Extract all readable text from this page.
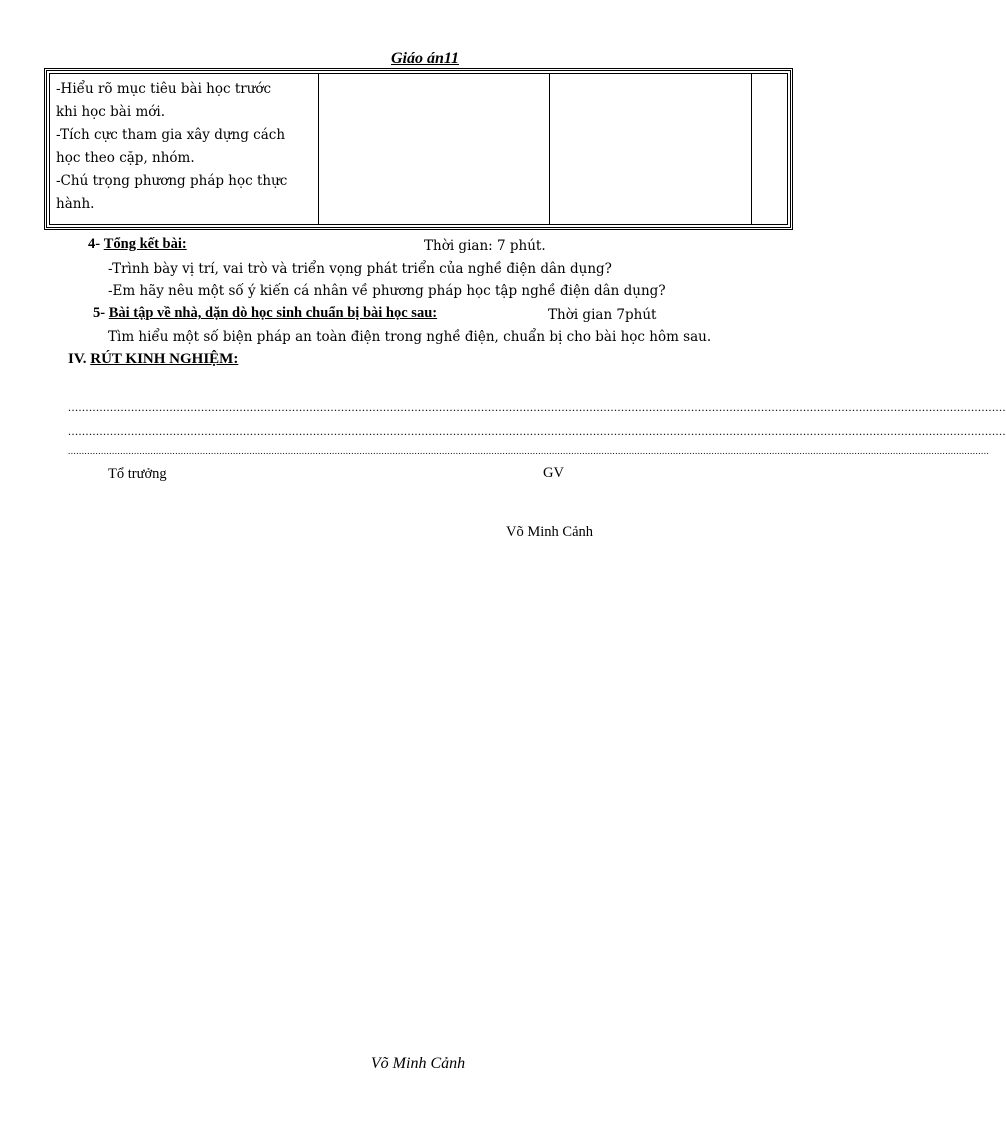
Giáo án11
-Hiểu rõ mục tiêu bài học trước
khi học bài mới.
-Tích cực tham gia xây dựng cách
học theo cặp, nhóm.
-Chú trọng phương pháp học thực
hành.
4- Tổng kết bài:	Thời gian: 7 phút.
-Trình bày vị trí, vai trò và triển vọng phát triển của nghề điện dân dụng?
-Em hãy nêu một số ý kiến cá nhân về phương pháp học tập nghề điện dân dụng?
5- Bài tập về nhà, dặn dò học sinh chuẩn bị bài học sau:	Thời gian 7phút
Tìm hiểu một số biện pháp an toàn điện trong nghề điện, chuẩn bị cho bài học hôm sau.
IV. RÚT KINH NGHIỆM:
............................................................................................................................................................................................................................................................................
............................................................................................................................................................................................................................................................................
...............................................................................................................................................................................................................................................................................................................................................
Tổ trưởng	GV
Võ Minh Cảnh
Võ Minh Cảnh
